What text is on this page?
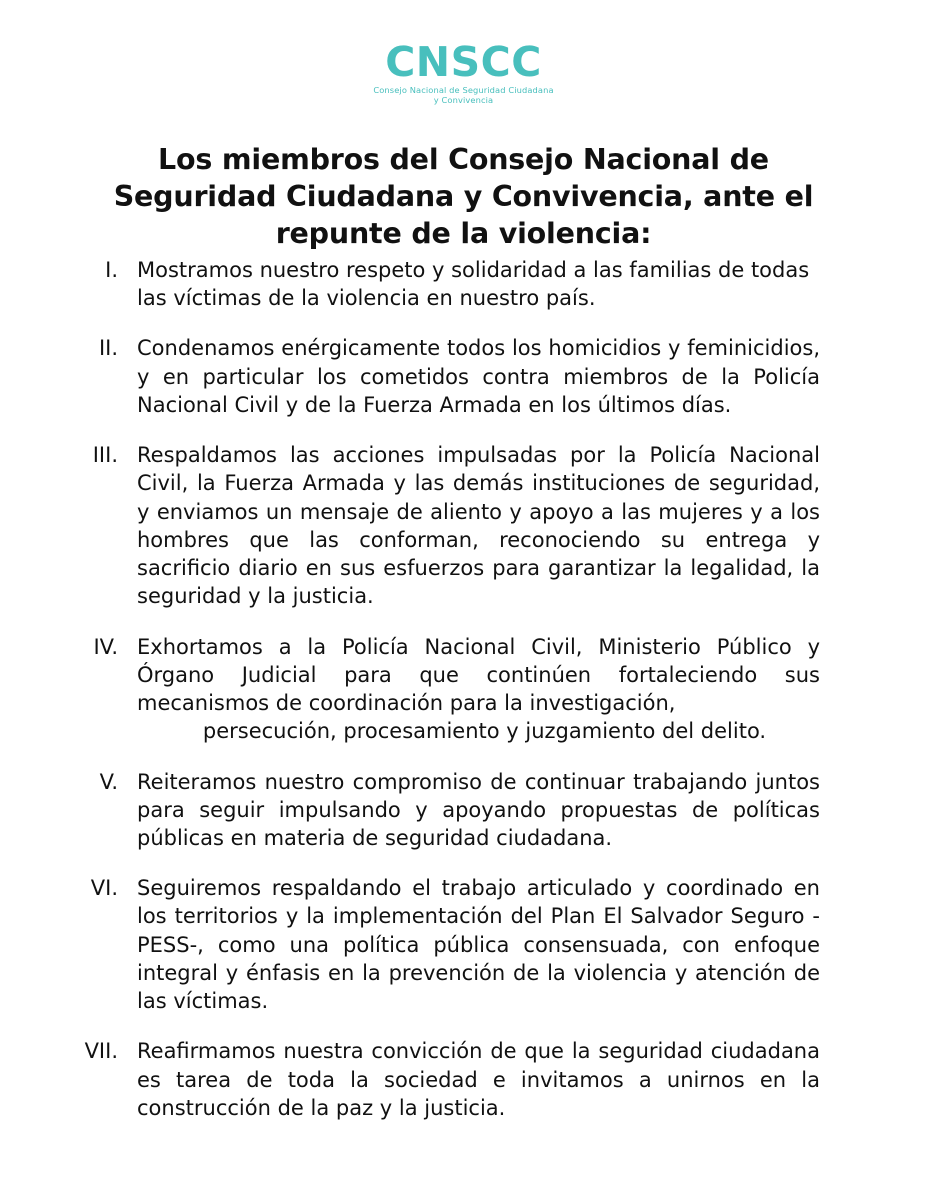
CNSCC
Consejo Nacional de Seguridad Ciudadana
y Convivencia
Los miembros del Consejo Nacional de Seguridad Ciudadana y Convivencia, ante el repunte de la violencia:
I. Mostramos nuestro respeto y solidaridad a las familias de todas las víctimas de la violencia en nuestro país.
II. Condenamos enérgicamente todos los homicidios y feminicidios, y en particular los cometidos contra miembros de la Policía Nacional Civil y de la Fuerza Armada en los últimos días.
III. Respaldamos las acciones impulsadas por la Policía Nacional Civil, la Fuerza Armada y las demás instituciones de seguridad, y enviamos un mensaje de aliento y apoyo a las mujeres y a los hombres que las conforman, reconociendo su entrega y sacrificio diario en sus esfuerzos para garantizar la legalidad, la seguridad y la justicia.
IV. Exhortamos a la Policía Nacional Civil, Ministerio Público y Órgano Judicial para que continúen fortaleciendo sus mecanismos de coordinación para la investigación,
persecución, procesamiento y juzgamiento del delito.
V. Reiteramos nuestro compromiso de continuar trabajando juntos para seguir impulsando y apoyando propuestas de políticas públicas en materia de seguridad ciudadana.
VI. Seguiremos respaldando el trabajo articulado y coordinado en los territorios y la implementación del Plan El Salvador Seguro -PESS-, como una política pública consensuada, con enfoque integral y énfasis en la prevención de la violencia y atención de las víctimas.
VII. Reafirmamos nuestra convicción de que la seguridad ciudadana es tarea de toda la sociedad e invitamos a unirnos en la construcción de la paz y la justicia.
